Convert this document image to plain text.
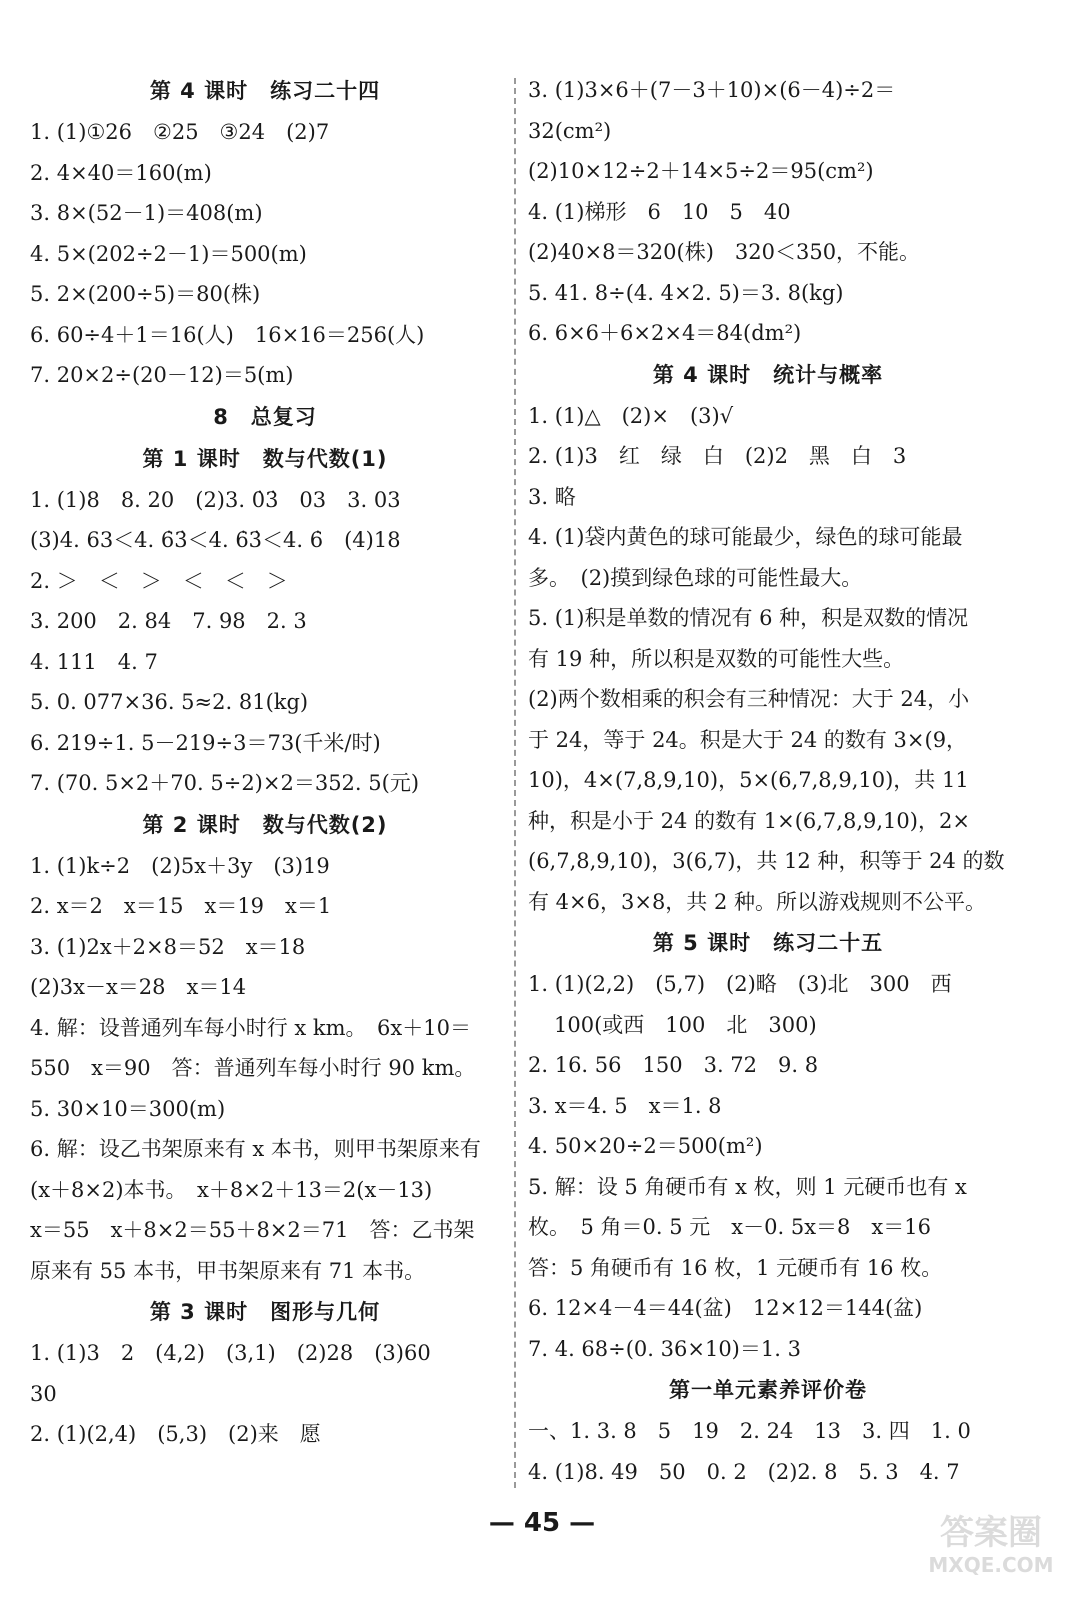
第 4 课时　练习二十四
1. (1)①26　②25　③24　(2)7
2. 4×40＝160(m)
3. 8×(52－1)＝408(m)
4. 5×(202÷2－1)＝500(m)
5. 2×(200÷5)＝80(株)
6. 60÷4＋1＝16(人)　16×16＝256(人)
7. 20×2÷(20－12)＝5(m)
8　总复习
第 1 课时　数与代数(1)
1. (1)8　8. 20　(2)3. 0̇3̇　03　3. 03
(3)4. 63＜4. 6̇3̇＜4. 6̇3̇＜4. 6̇　(4)18
2. ＞　＜　＞　＜　＜　＞
3. 200　2. 84　7. 98　2. 3
4. 111　4. 7
5. 0. 077×36. 5≈2. 81(kg)
6. 219÷1. 5－219÷3＝73(千米/时)
7. (70. 5×2＋70. 5÷2)×2＝352. 5(元)
第 2 课时　数与代数(2)
1. (1)k÷2　(2)5x＋3y　(3)19
2. x＝2　x＝15　x＝19　x＝1
3. (1)2x＋2×8＝52　x＝18
(2)3x－x＝28　x＝14
4. 解：设普通列车每小时行 x km。　6x＋10＝
550　x＝90　答：普通列车每小时行 90 km。
5. 30×10＝300(m)
6. 解：设乙书架原来有 x 本书，则甲书架原来有
(x＋8×2)本书。　x＋8×2＋13＝2(x－13)
x＝55　x＋8×2＝55＋8×2＝71　答：乙书架
原来有 55 本书，甲书架原来有 71 本书。
第 3 课时　图形与几何
1. (1)3　2　(4,2)　(3,1)　(2)28　(3)60
30
2. (1)(2,4)　(5,3)　(2)来　愿
3. (1)3×6＋(7－3＋10)×(6－4)÷2＝
32(cm²)
(2)10×12÷2＋14×5÷2＝95(cm²)
4. (1)梯形　6　10　5　40
(2)40×8＝320(株)　320＜350，不能。
5. 41. 8÷(4. 4×2. 5)＝3. 8(kg)
6. 6×6＋6×2×4＝84(dm²)
第 4 课时　统计与概率
1. (1)△　(2)×　(3)√
2. (1)3　红　绿　白　(2)2　黑　白　3
3. 略
4. (1)袋内黄色的球可能最少，绿色的球可能最
多。　(2)摸到绿色球的可能性最大。
5. (1)积是单数的情况有 6 种，积是双数的情况
有 19 种，所以积是双数的可能性大些。
(2)两个数相乘的积会有三种情况：大于 24，小
于 24，等于 24。积是大于 24 的数有 3×(9，
10)，4×(7,8,9,10)，5×(6,7,8,9,10)，共 11
种，积是小于 24 的数有 1×(6,7,8,9,10)，2×
(6,7,8,9,10)，3(6,7)，共 12 种，积等于 24 的数
有 4×6，3×8，共 2 种。所以游戏规则不公平。
第 5 课时　练习二十五
1. (1)(2,2)　(5,7)　(2)略　(3)北　300　西
100(或西　100　北　300)
2. 16. 56　150　3. 72　9. 8
3. x＝4. 5　x＝1. 8
4. 50×20÷2＝500(m²)
5. 解：设 5 角硬币有 x 枚，则 1 元硬币也有 x
枚。　5 角＝0. 5 元　x－0. 5x＝8　x＝16
答：5 角硬币有 16 枚，1 元硬币有 16 枚。
6. 12×4－4＝44(盆)　12×12＝144(盆)
7. 4. 68÷(0. 36×10)＝1. 3
第一单元素养评价卷
一、1. 3. 8　5　19　2. 24　13　3. 四　1. 0
4. (1)8. 49　50　0. 2　(2)2. 8　5. 3　4. 7
— 45 —	答案圈
MXQE.COM
